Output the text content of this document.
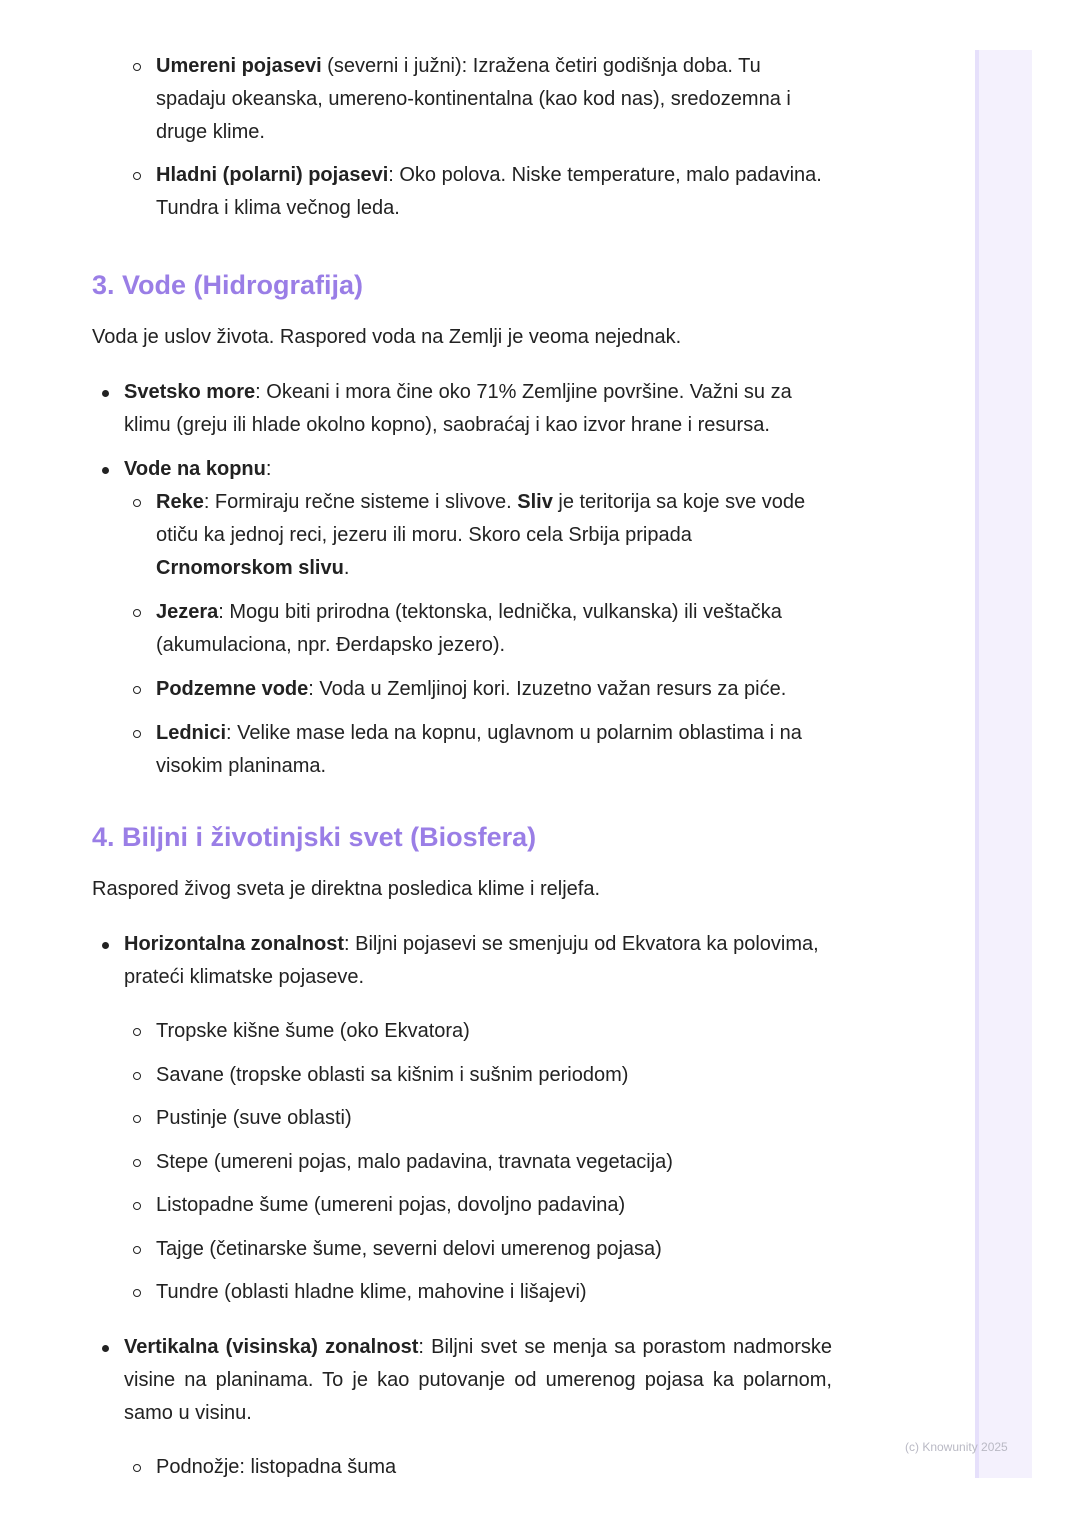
(c) Knowunity 2025
Umereni pojasevi (severni i južni): Izražena četiri godišnja doba. Tu spadaju okeanska, umereno-kontinentalna (kao kod nas), sredozemna i druge klime.
Hladni (polarni) pojasevi: Oko polova. Niske temperature, malo padavina. Tundra i klima večnog leda.
3. Vode (Hidrografija)

Voda je uslov života. Raspored voda na Zemlji je veoma nejednak.

Svetsko more: Okeani i mora čine oko 71% Zemljine površine. Važni su za klimu (greju ili hlade okolno kopno), saobraćaj i kao izvor hrane i resursa.
Vode na kopnu:
Reke: Formiraju rečne sisteme i slivove. Sliv je teritorija sa koje sve vode otiču ka jednoj reci, jezeru ili moru. Skoro cela Srbija pripada Crnomorskom slivu.
Jezera: Mogu biti prirodna (tektonska, lednička, vulkanska) ili veštačka (akumulaciona, npr. Đerdapsko jezero).
Podzemne vode: Voda u Zemljinoj kori. Izuzetno važan resurs za piće.
Lednici: Velike mase leda na kopnu, uglavnom u polarnim oblastima i na visokim planinama.
4. Biljni i životinjski svet (Biosfera)

Raspored živog sveta je direktna posledica klime i reljefa.

Horizontalna zonalnost: Biljni pojasevi se smenjuju od Ekvatora ka polovima, prateći klimatske pojaseve.
Tropske kišne šume (oko Ekvatora)
Savane (tropske oblasti sa kišnim i sušnim periodom)
Pustinje (suve oblasti)
Stepe (umereni pojas, malo padavina, travnata vegetacija)
Listopadne šume (umereni pojas, dovoljno padavina)
Tajge (četinarske šume, severni delovi umerenog pojasa)
Tundre (oblasti hladne klime, mahovine i lišajevi)
Vertikalna (visinska) zonalnost: Biljni svet se menja sa porastom nadmorske visine na planinama. To je kao putovanje od umerenog pojasa ka polarnom, samo u visinu.
Podnožje: listopadna šuma
